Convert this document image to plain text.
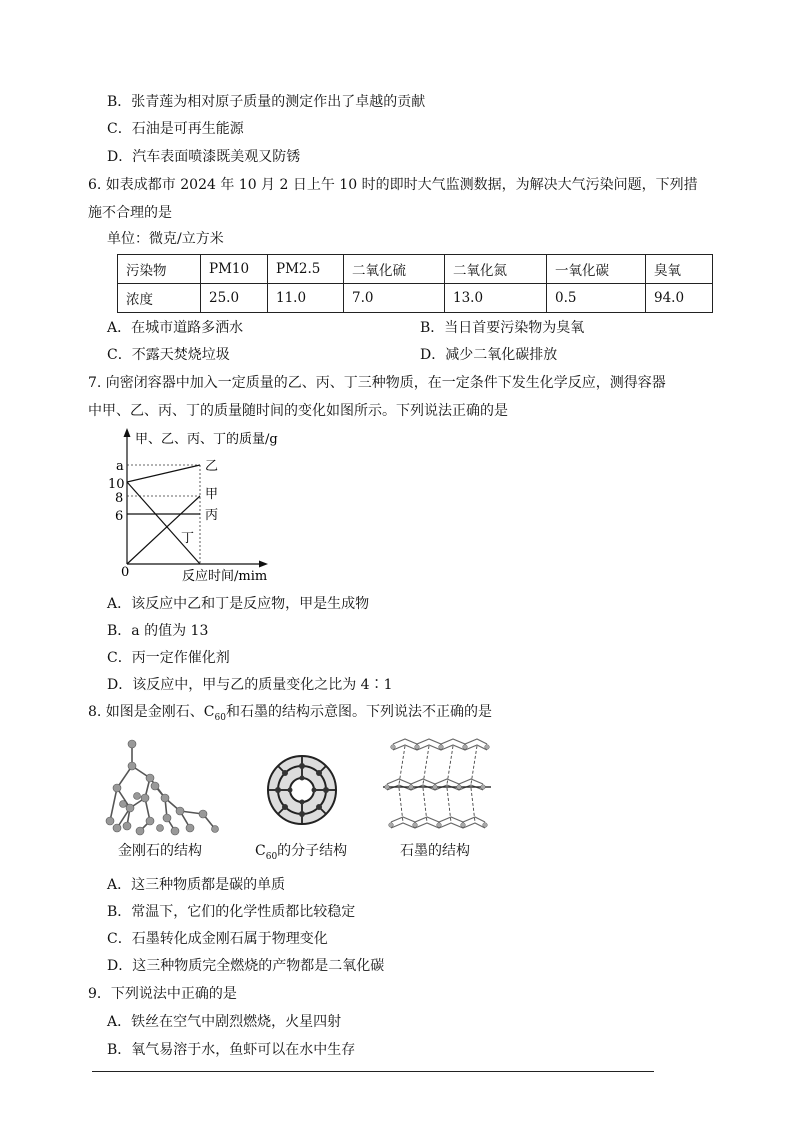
B．张青莲为相对原子质量的测定作出了卓越的贡献
C．石油是可再生能源
D．汽车表面喷漆既美观又防锈
6. 如表成都市 2024 年 10 月 2 日上午 10 时的即时大气监测数据，为解决大气污染问题，下列措
施不合理的是
单位：微克/立方米
污染物	PM10	PM2.5	二氧化硫	二氧化氮	一氧化碳	臭氧
浓度	25.0	11.0	7.0	13.0	0.5	94.0
A．在城市道路多洒水	B．当日首要污染物为臭氧
C．不露天焚烧垃圾	D．减少二氧化碳排放
7. 向密闭容器中加入一定质量的乙、丙、丁三种物质，在一定条件下发生化学反应，测得容器
中甲、乙、丙、丁的质量随时间的变化如图所示。下列说法正确的是
甲、乙、丙、丁的质量/g
反应时间/mim
0
a
10
8
6
乙
甲
丙
丁
A．该反应中乙和丁是反应物，甲是生成物
B．a 的值为 13
C．丙一定作催化剂
D．该反应中，甲与乙的质量变化之比为 4∶1
8. 如图是金刚石、$C_{60}$和石墨的结构示意图。下列说法不正确的是
金刚石的结构	$C_{60}$的分子结构	石墨的结构
A．这三种物质都是碳的单质
B．常温下，它们的化学性质都比较稳定
C．石墨转化成金刚石属于物理变化
D．这三种物质完全燃烧的产物都是二氧化碳
9．下列说法中正确的是
A．铁丝在空气中剧烈燃烧，火星四射
B．氧气易溶于水，鱼虾可以在水中生存
